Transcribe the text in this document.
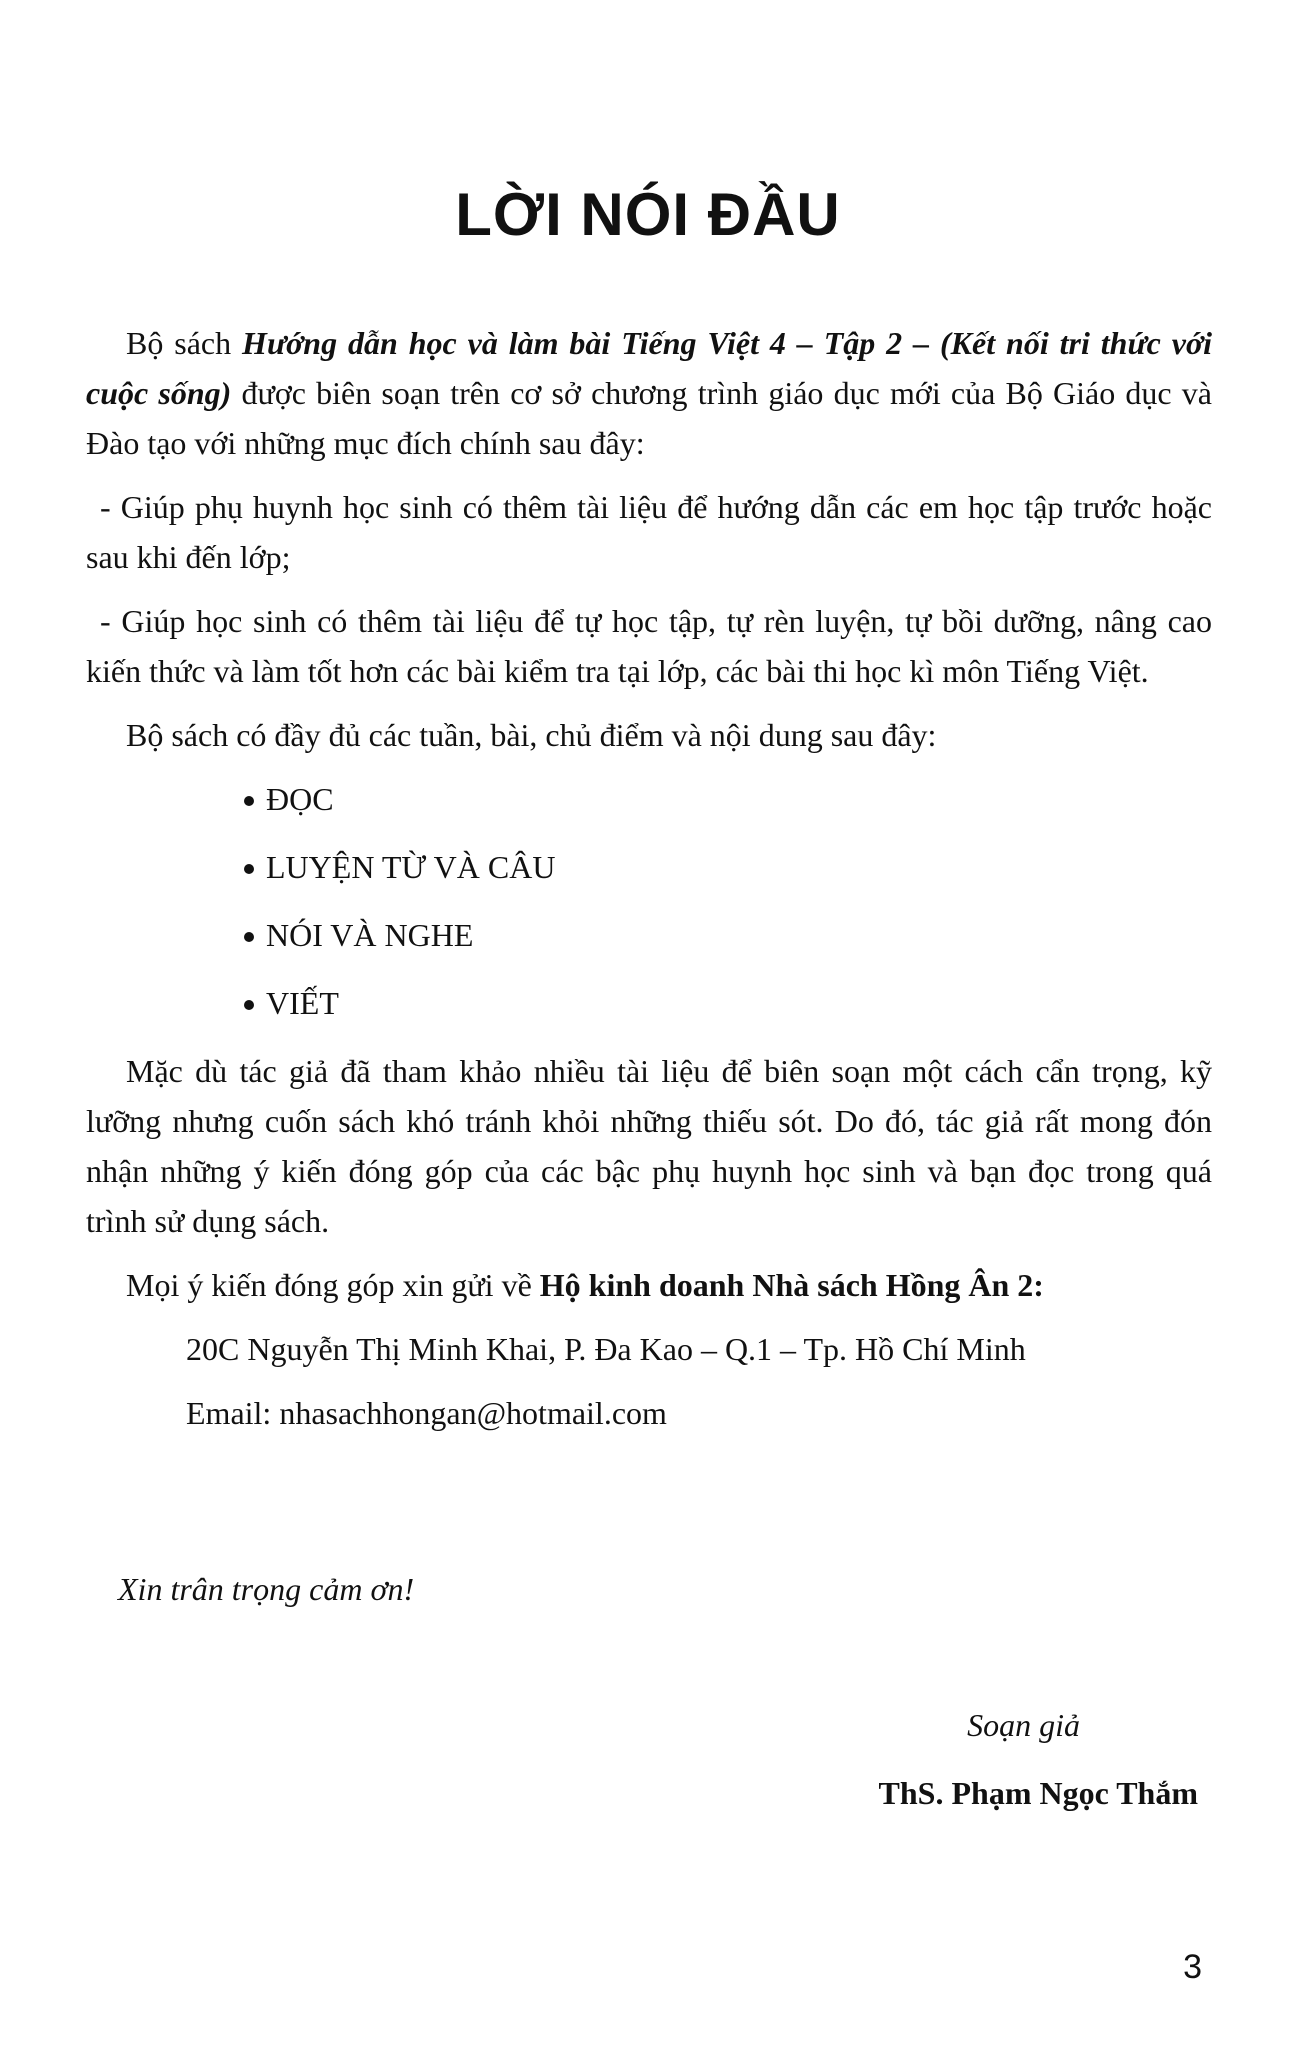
LỜI NÓI ĐẦU

Bộ sách Hướng dẫn học và làm bài Tiếng Việt 4 – Tập 2 – (Kết nối tri thức với cuộc sống) được biên soạn trên cơ sở chương trình giáo dục mới của Bộ Giáo dục và Đào tạo với những mục đích chính sau đây:

- Giúp phụ huynh học sinh có thêm tài liệu để hướng dẫn các em học tập trước hoặc sau khi đến lớp;

- Giúp học sinh có thêm tài liệu để tự học tập, tự rèn luyện, tự bồi dưỡng, nâng cao kiến thức và làm tốt hơn các bài kiểm tra tại lớp, các bài thi học kì môn Tiếng Việt.

Bộ sách có đầy đủ các tuần, bài, chủ điểm và nội dung sau đây:

ĐỌC
LUYỆN TỪ VÀ CÂU
NÓI VÀ NGHE
VIẾT

Mặc dù tác giả đã tham khảo nhiều tài liệu để biên soạn một cách cẩn trọng, kỹ lưỡng nhưng cuốn sách khó tránh khỏi những thiếu sót. Do đó, tác giả rất mong đón nhận những ý kiến đóng góp của các bậc phụ huynh học sinh và bạn đọc trong quá trình sử dụng sách.

Mọi ý kiến đóng góp xin gửi về Hộ kinh doanh Nhà sách Hồng Ân 2:

20C Nguyễn Thị Minh Khai, P. Đa Kao – Q.1 – Tp. Hồ Chí Minh

Email: nhasachhongan@hotmail.com

Xin trân trọng cảm ơn!
Soạn giả
ThS. Phạm Ngọc Thắm
3
